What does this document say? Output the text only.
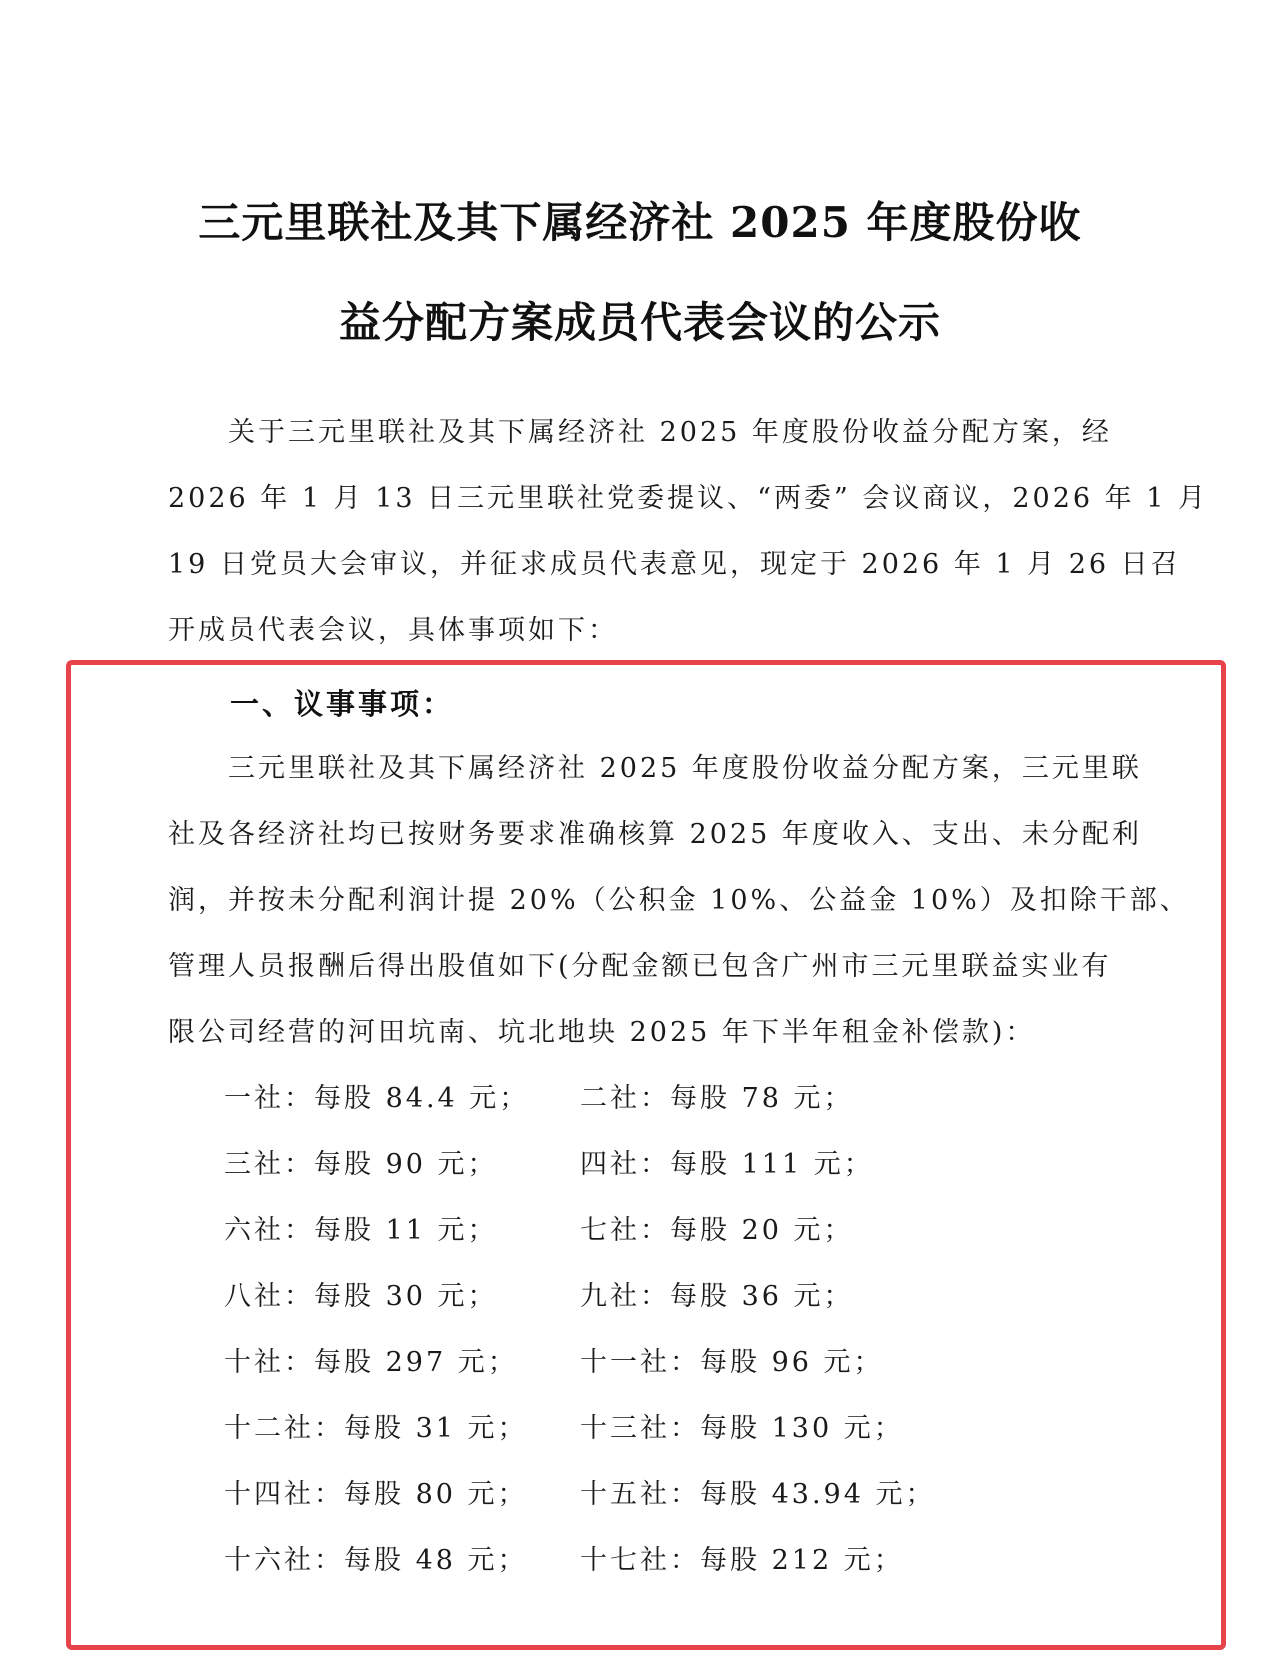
三元里联社及其下属经济社 2025 年度股份收
益分配方案成员代表会议的公示
关于三元里联社及其下属经济社 2025 年度股份收益分配方案，经
2026 年 1 月 13 日三元里联社党委提议、“两委” 会议商议，2026 年 1 月
19 日党员大会审议，并征求成员代表意见，现定于 2026 年 1 月 26 日召
开成员代表会议，具体事项如下：
一、议事事项：
三元里联社及其下属经济社 2025 年度股份收益分配方案，三元里联
社及各经济社均已按财务要求准确核算 2025 年度收入、支出、未分配利
润，并按未分配利润计提 20%（公积金 10%、公益金 10%）及扣除干部、
管理人员报酬后得出股值如下(分配金额已包含广州市三元里联益实业有
限公司经营的河田坑南、坑北地块 2025 年下半年租金补偿款)：
一社：每股 84.4 元； 二社：每股 78 元；
三社：每股 90 元；	四社：每股 111 元；
六社：每股 11 元；	七社：每股 20 元；
八社：每股 30 元；	九社：每股 36 元；
十社：每股 297 元； 十一社：每股 96 元；
十二社：每股 31 元； 十三社：每股 130 元；
十四社：每股 80 元； 十五社：每股 43.94 元；
十六社：每股 48 元； 十七社：每股 212 元；
